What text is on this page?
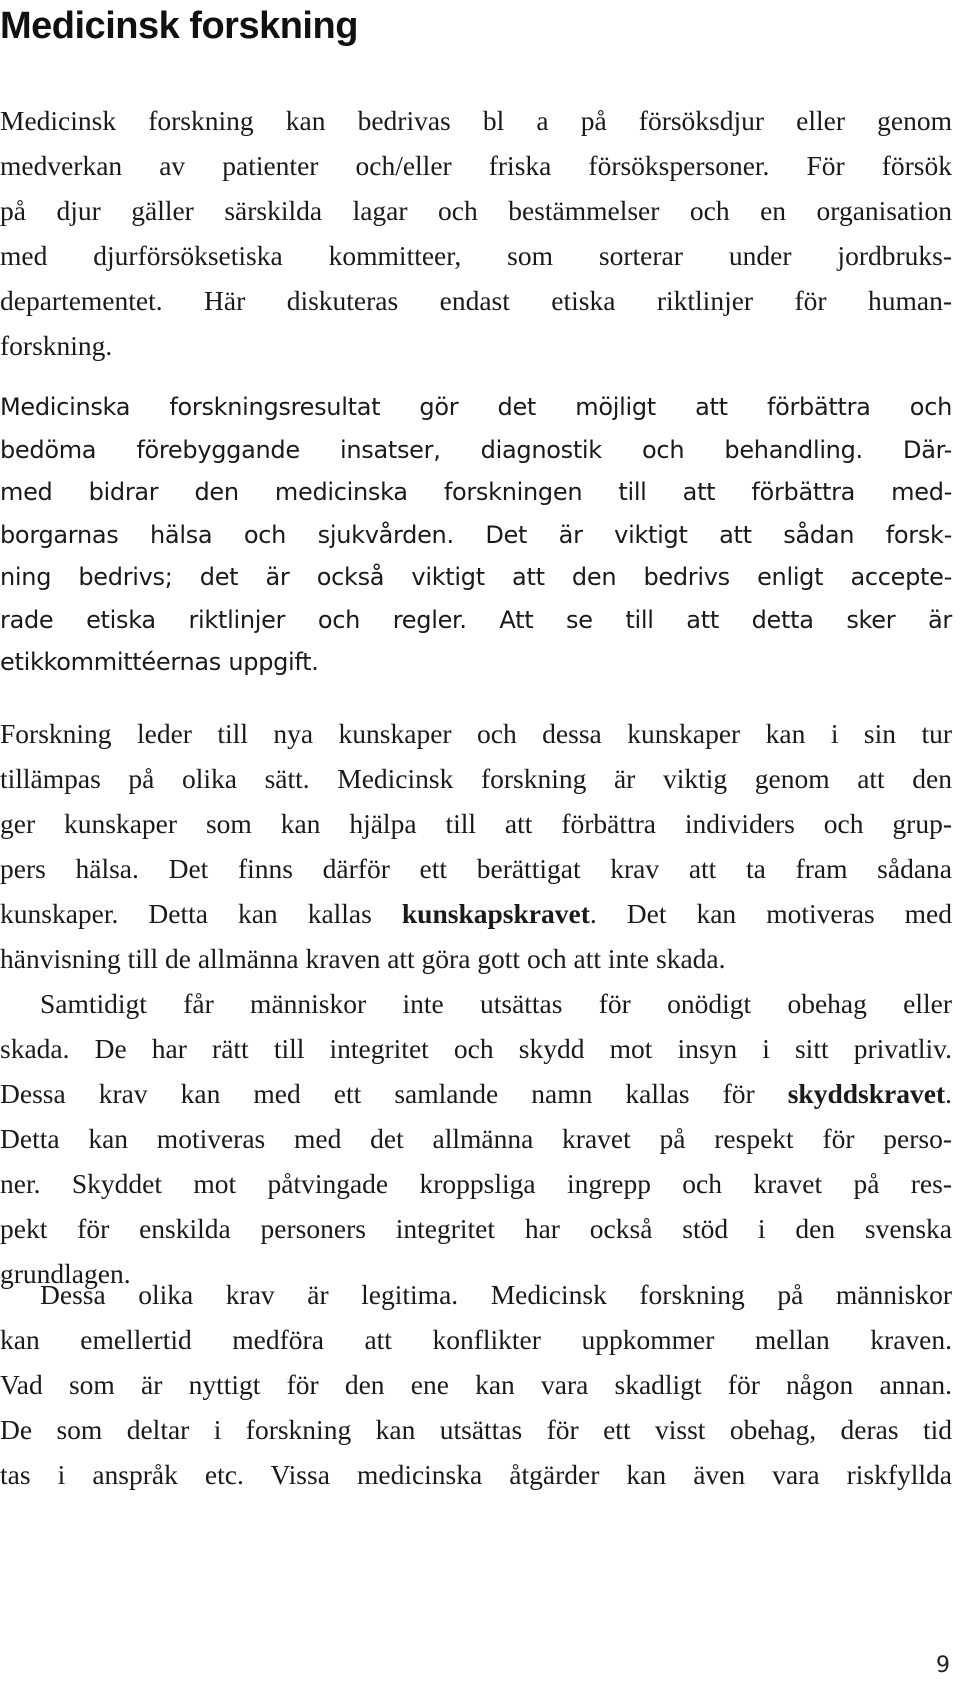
Medicinsk forskning
Medicinsk forskning kan bedrivas bl a på försöksdjur eller genom
medverkan av patienter och/eller friska försökspersoner. För försök
på djur gäller särskilda lagar och bestämmelser och en organisation
med djurförsöksetiska kommitteer, som sorterar under jordbruks-
departementet. Här diskuteras endast etiska riktlinjer för human-
forskning.
Medicinska forskningsresultat gör det möjligt att förbättra och
bedöma förebyggande insatser, diagnostik och behandling. Där-
med bidrar den medicinska forskningen till att förbättra med-
borgarnas hälsa och sjukvården. Det är viktigt att sådan forsk-
ning bedrivs; det är också viktigt att den bedrivs enligt accepte-
rade etiska riktlinjer och regler. Att se till att detta sker är
etikkommittéernas uppgift.
Forskning leder till nya kunskaper och dessa kunskaper kan i sin tur
tillämpas på olika sätt. Medicinsk forskning är viktig genom att den
ger kunskaper som kan hjälpa till att förbättra individers och grup-
pers hälsa. Det finns därför ett berättigat krav att ta fram sådana
kunskaper. Detta kan kallas kunskapskravet. Det kan motiveras med
hänvisning till de allmänna kraven att göra gott och att inte skada.
Samtidigt får människor inte utsättas för onödigt obehag eller
skada. De har rätt till integritet och skydd mot insyn i sitt privatliv.
Dessa krav kan med ett samlande namn kallas för skyddskravet.
Detta kan motiveras med det allmänna kravet på respekt för perso-
ner. Skyddet mot påtvingade kroppsliga ingrepp och kravet på res-
pekt för enskilda personers integritet har också stöd i den svenska
grundlagen.
Dessa olika krav är legitima. Medicinsk forskning på människor
kan emellertid medföra att konflikter uppkommer mellan kraven.
Vad som är nyttigt för den ene kan vara skadligt för någon annan.
De som deltar i forskning kan utsättas för ett visst obehag, deras tid
tas i anspråk etc. Vissa medicinska åtgärder kan även vara riskfyllda
9
